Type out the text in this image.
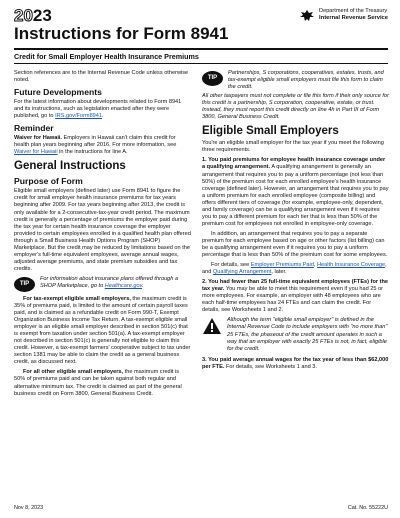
2023	Department of the Treasury
Internal Revenue Service
Instructions for Form 8941
Credit for Small Employer Health Insurance Premiums

Section references are to the Internal Revenue Code unless otherwise noted.

Future Developments

For the latest information about developments related to Form 8941 and its instructions, such as legislation enacted after they were published, go to IRS.gov/Form8941.

Reminder

Waiver for Hawaii. Employers in Hawaii can't claim this credit for health plan years beginning after 2016. For more information, see Waiver for Hawaii in the instructions for line A.

General Instructions
Purpose of Form

Eligible small employers (defined later) use Form 8941 to figure the credit for small employer health insurance premiums for tax years beginning after 2009. For tax years beginning after 2013, the credit is only available for a 2-consecutive-tax-year credit period. The maximum credit is generally a percentage of premiums the employer paid during the tax year for certain health insurance coverage the employer provided to certain employees enrolled in a qualified health plan offered through a Small Business Health Options Program (SHOP) Marketplace. But the credit may be reduced by limitations based on the employer's full-time equivalent employees, average annual wages, adjusted average premiums, and state premium subsidies and tax credits.

TIP
For information about insurance plans offered through a SHOP Marketplace, go to Healthcare.gov.

For tax-exempt eligible small employers, the maximum credit is 35% of premiums paid, is limited to the amount of certain payroll taxes paid, and is claimed as a refundable credit on Form 990-T, Exempt Organization Business Income Tax Return. A tax-exempt eligible small employer is an eligible small employer described in section 501(c) that is exempt from taxation under section 501(a). A tax-exempt employer not described in section 501(c) is generally not eligible to claim this credit. However, a tax-exempt farmers' cooperative subject to tax under section 1381 may be able to claim the credit as a general business credit, as discussed next.

For all other eligible small employers, the maximum credit is 50% of premiums paid and can be taken against both regular and alternative minimum tax. The credit is claimed as part of the general business credit on Form 3800, General Business Credit.

TIP
Partnerships, S corporations, cooperatives, estates, trusts, and tax-exempt eligible small employers must file this form to claim the credit.

All other taxpayers must not complete or file this form if their only source for this credit is a partnership, S corporation, cooperative, estate, or trust. Instead, they must report this credit directly on line 4h in Part III of Form 3800, General Business Credit.

Eligible Small Employers

You're an eligible small employer for the tax year if you meet the following three requirements.

1. You paid premiums for employee health insurance coverage under a qualifying arrangement. A qualifying arrangement is generally an arrangement that requires you to pay a uniform percentage (not less than 50%) of the premium cost for each enrolled employee's health insurance coverage (defined later). However, an arrangement that requires you to pay a uniform premium for each enrolled employee (composite billing) and offers different tiers of coverage (for example, employee-only, dependent, and family coverage) can be a qualifying arrangement even if it requires you to pay a different premium for each tier that is less than 50% of the premium cost for employees not enrolled in employee-only coverage.

In addition, an arrangement that requires you to pay a separate premium for each employee based on age or other factors (list billing) can be a qualifying arrangement even if it requires you to pay a uniform percentage that is less than 50% of the premium cost for some employees.

For details, see Employer Premiums Paid, Health Insurance Coverage, and Qualifying Arrangement, later.

2. You had fewer than 25 full-time equivalent employees (FTEs) for the tax year. You may be able to meet this requirement even if you had 25 or more employees. For example, an employer with 48 employees who are each half-time employees has 24 FTEs and can claim the credit. For details, see Worksheets 1 and 2.

Although the term "eligible small employer" is defined in the Internal Revenue Code to include employers with "no more than" 25 FTEs, the phaseout of the credit amount operates in such a way that an employer with exactly 25 FTEs is not, in fact, eligible for the credit.

3. You paid average annual wages for the tax year of less than $62,000 per FTE. For details, see Worksheets 1 and 3.

Nov 8, 2023	Cat. No. 55222U
